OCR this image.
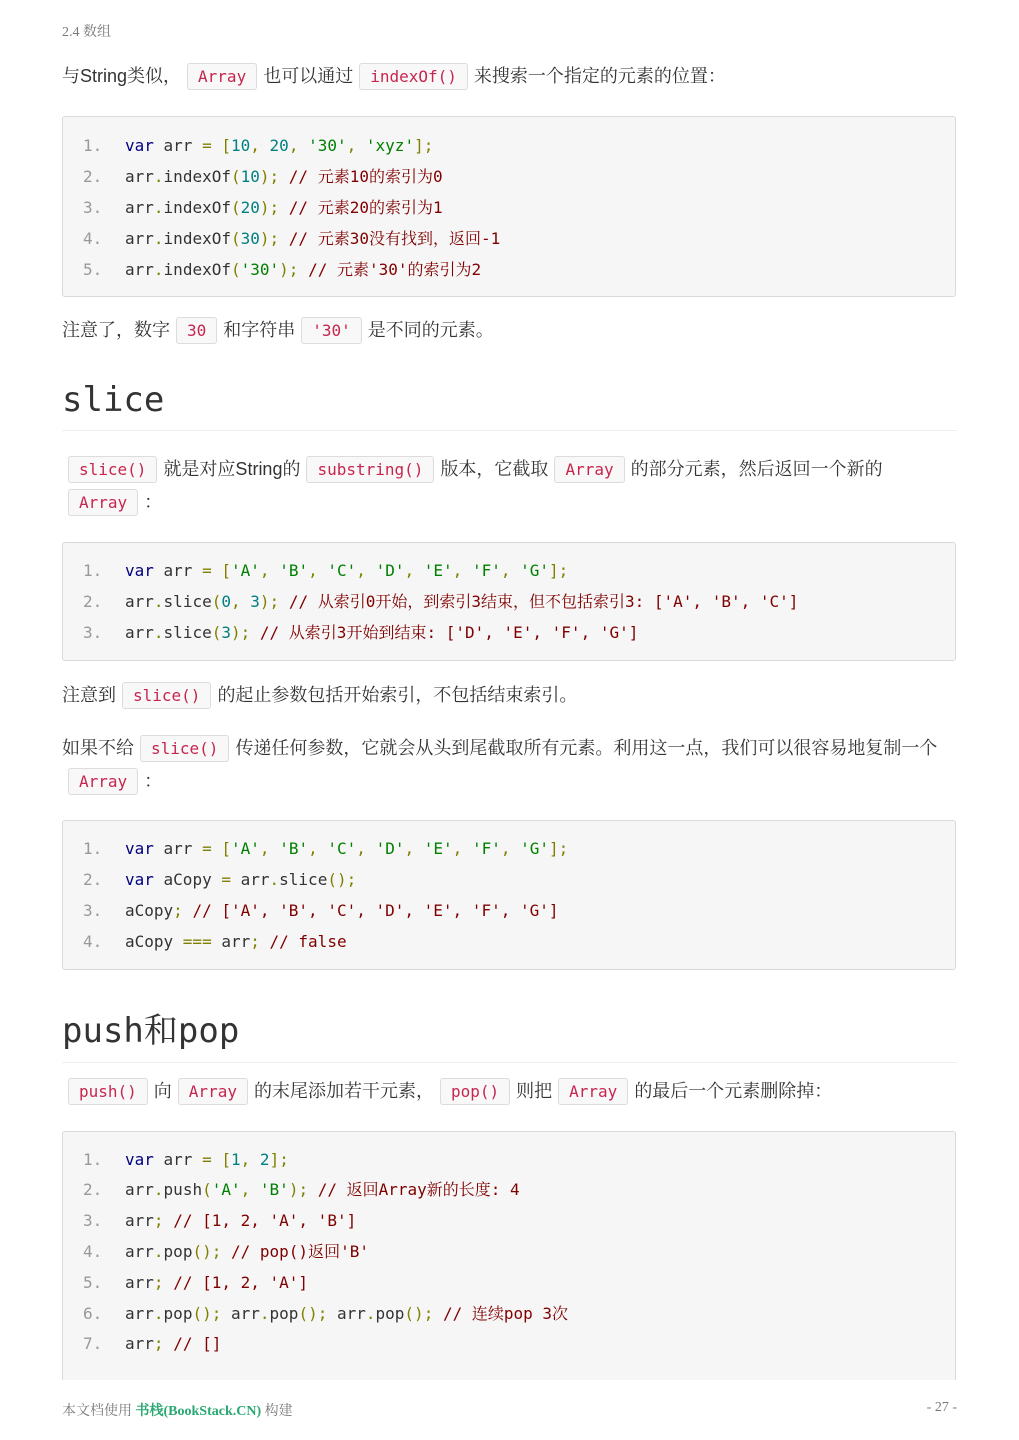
2.4 数组
与String类似， Array 也可以通过 indexOf() 来搜索一个指定的元素的位置：
1.	var arr = [10, 20, '30', 'xyz'];
2.	arr.indexOf(10); // 元素10的索引为0
3.	arr.indexOf(20); // 元素20的索引为1
4.	arr.indexOf(30); // 元素30没有找到，返回-1
5.	arr.indexOf('30'); // 元素'30'的索引为2
注意了，数字 30 和字符串 '30' 是不同的元素。
slice
slice() 就是对应String的 substring() 版本，它截取 Array 的部分元素，然后返回一个新的Array ：
1.	var arr = ['A', 'B', 'C', 'D', 'E', 'F', 'G'];
2.	arr.slice(0, 3); // 从索引0开始，到索引3结束，但不包括索引3: ['A', 'B', 'C']
3.	arr.slice(3); // 从索引3开始到结束: ['D', 'E', 'F', 'G']
注意到 slice() 的起止参数包括开始索引，不包括结束索引。
如果不给 slice() 传递任何参数，它就会从头到尾截取所有元素。利用这一点，我们可以很容易地复制一个Array ：
1.	var arr = ['A', 'B', 'C', 'D', 'E', 'F', 'G'];
2.	var aCopy = arr.slice();
3.	aCopy; // ['A', 'B', 'C', 'D', 'E', 'F', 'G']
4.	aCopy === arr; // false
push和pop
push() 向 Array 的末尾添加若干元素， pop() 则把 Array 的最后一个元素删除掉：
1.	var arr = [1, 2];
2.	arr.push('A', 'B'); // 返回Array新的长度: 4
3.	arr; // [1, 2, 'A', 'B']
4.	arr.pop(); // pop()返回'B'
5.	arr; // [1, 2, 'A']
6.	arr.pop(); arr.pop(); arr.pop(); // 连续pop 3次
7.	arr; // []
本文档使用 书栈(BookStack.CN) 构建	- 27 -
